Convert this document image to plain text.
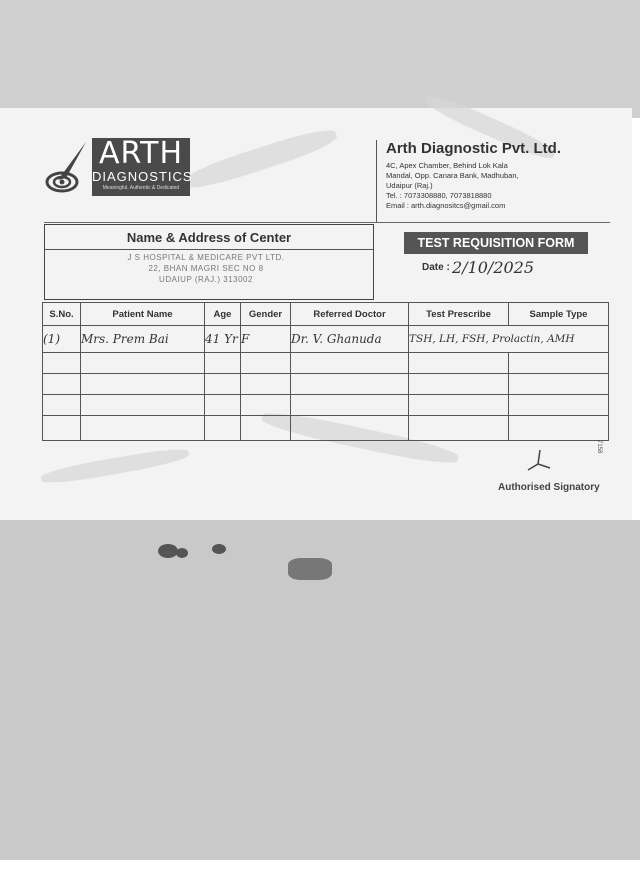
ARTH
DIAGNOSTICS
Meaningful, Authentic & Dedicated
Arth Diagnostic Pvt. Ltd.
4C, Apex Chamber, Behind Lok Kala
Mandal, Opp. Canara Bank, Madhuban,
Udaipur (Raj.)
Tel. : 7073308880, 7073818880
Email : arth.diagnositcs@gmail.com
Name & Address of Center
J S HOSPITAL & MEDICARE PVT LTD.
22, BHAN MAGRI SEC NO 8
UDAIUP (RAJ.) 313002
TEST REQUISITION FORM
Date : 2/10/2025
S.No.	Patient Name	Age	Gender	Referred Doctor	Test Prescribe	Sample Type
(1)	Mrs. Prem Bai	41 Yr	F	Dr. V. Ghanuda	TSH, LH, FSH, Prolactin, AMH	

7158
Authorised Signatory
